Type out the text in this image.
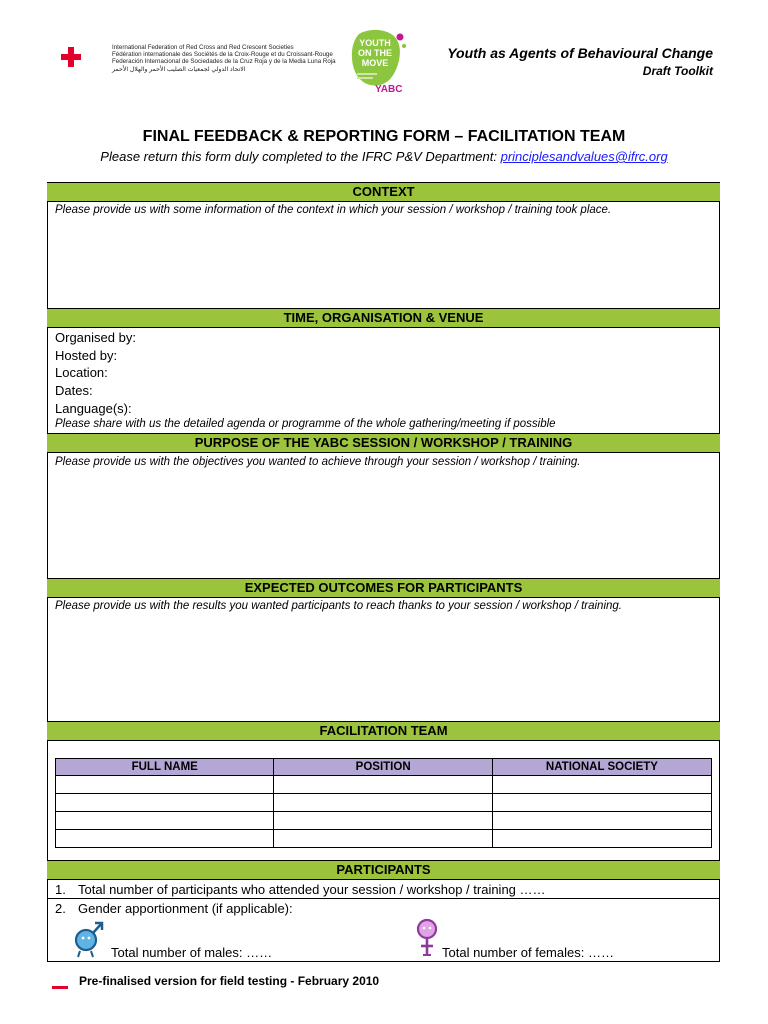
International Federation of Red Cross and Red Crescent Societies
Fédération internationale des Sociétés de la Croix-Rouge et du Croissant-Rouge
Federación Internacional de Sociedades de la Cruz Roja y de la Media Luna Roja
الاتحاد الدولي لجمعيات الصليب الأحمر والهلال الأحمر
YOUTH
ON THE
MOVE
YABC
Youth as Agents of Behavioural Change
Draft Toolkit
FINAL FEEDBACK & REPORTING FORM – FACILITATION TEAM
Please return this form duly completed to the IFRC P&V Department: principlesandvalues@ifrc.org
CONTEXT
Please provide us with some information of the context in which your session / workshop / training took place.
TIME, ORGANISATION & VENUE
Organised by:
Hosted by:
Location:
Dates:
Language(s):
Please share with us the detailed agenda or programme of the whole gathering/meeting if possible
PURPOSE OF THE YABC SESSION / WORKSHOP / TRAINING
Please provide us with the objectives you wanted to achieve through your session / workshop / training.
EXPECTED OUTCOMES FOR PARTICIPANTS
Please provide us with the results you wanted participants to reach thanks to your session / workshop / training.
FACILITATION TEAM
FULL NAME	POSITION	NATIONAL SOCIETY

PARTICIPANTS
1. Total number of participants who attended your session / workshop / training ……
2. Gender apportionment (if applicable):
Total number of males: ……	Total number of females: ……
Pre-finalised version for field testing - February 2010
